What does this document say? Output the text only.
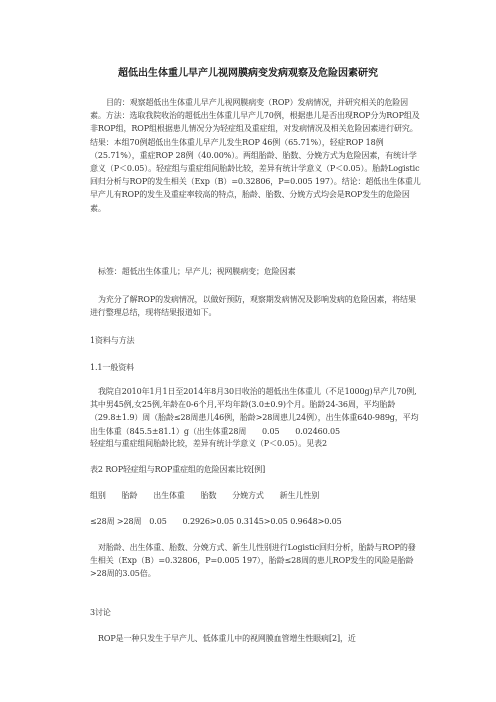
超低出生体重儿早产儿视网膜病变发病观察及危险因素研究

目的：观察超低出生体重儿早产儿视网膜病变（ROP）发病情况，并研究相关的危险因素。方法：选取我院收治的超低出生体重儿早产儿70例，根据患儿是否出现ROP分为ROP组及非ROP组，ROP组根据患儿情况分为轻症组及重症组，对发病情况及相关危险因素进行研究。结果：本组70例超低出生体重儿早产儿发生ROP 46例（65.71%），轻症ROP 18例（25.71%），重症ROP 28例（40.00%）。两组胎龄、胎数、分娩方式为危险因素，有统计学意义（P＜0.05）。轻症组与重症组间胎龄比较，差异有统计学意义（P＜0.05）。胎龄Logistic回归分析与ROP的发生相关（Exp（B）=0.32806，P=0.005 197）。结论：超低出生体重儿早产儿有ROP的发生及重症率较高的特点，胎龄、胎数、分娩方式均会是ROP发生的危险因素。

标签：超低出生体重儿；早产儿；视网膜病变；危险因素

为充分了解ROP的发病情况，以做好预防，观察期发病情况及影响发病的危险因素，将结果进行整理总结，现将结果报道如下。

1资料与方法

1.1一般资料

我院自2010年1月1日至2014年8月30日收治的超低出生体重儿（不足1000g)早产儿70例,其中男45例,女25例,年龄在0-6个月,平均年龄(3.0±0.9)个月。胎龄24-36周，平均胎龄（29.8±1.9）周（胎龄≤28周患儿46例，胎龄>28周患儿24例），出生体重640-989g，平均出生体重（845.5±81.1）g（出生体重28周　　0.05　　0.02460.05

轻症组与重症组间胎龄比较，差异有统计学意义（P＜0.05）。见表2

表2 ROP轻症组与ROP重症组的危险因素比较[例]

组别　　胎龄　　出生体重　　胎数　　分娩方式　　新生儿性别

≤28周 >28周　0.05　　0.2926>0.05 0.3145>0.05 0.9648>0.05

对胎龄、出生体重、胎数、分娩方式、新生儿性别进行Logistic回归分析，胎龄与ROP的發生相关（Exp（B）=0.32806，P=0.005 197），胎龄≤28周的患儿ROP发生的风险是胎龄>28周的3.05倍。

3讨论

ROP是一种只发生于早产儿、低体重儿中的视网膜血管增生性眼病[2]，近
